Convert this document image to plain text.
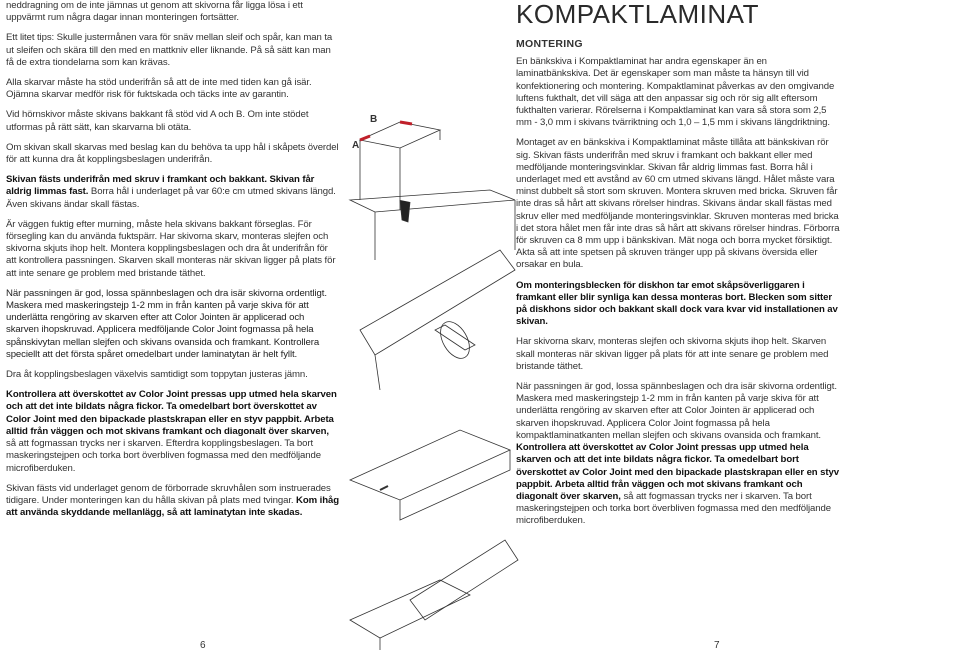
neddragning om de inte jämnas ut genom att skivorna får ligga lösa i ett uppvärmt rum några dagar innan monteringen fortsätter.

Ett litet tips: Skulle justermånen vara för snäv mellan sleif och spår, kan man ta ut sleifen och skära till den med en mattkniv eller liknande. På så sätt kan man få de extra tiondelarna som kan krävas.

Alla skarvar måste ha stöd underifrån så att de inte med tiden kan gå isär. Ojämna skarvar medför risk för fuktskada och täcks inte av garantin.

Vid hörnskivor måste skivans bakkant få stöd vid A och B. Om inte stödet utformas på rätt sätt, kan skarvarna bli otäta.

Om skivan skall skarvas med beslag kan du behöva ta upp hål i skåpets överdel för att kunna dra åt kopplingsbeslagen underifrån.

Skivan fästs underifrån med skruv i framkant och bakkant. Skivan får aldrig limmas fast. Borra hål i underlaget på var 60:e cm utmed skivans längd. Även skivans ändar skall fästas.

Är väggen fuktig efter murning, måste hela skivans bakkant förseglas. För försegling kan du använda fuktspärr. Har skivorna skarv, monteras slejfen och skivorna skjuts ihop helt. Montera kopplingsbeslagen och dra åt underifrån för att kontrollera passningen. Skarven skall monteras när skivan ligger på plats för att inte senare ge problem med bristande täthet.

När passningen är god, lossa spännbeslagen och dra isär skivorna ordentligt. Maskera med maskeringstejp 1-2 mm in från kanten på varje skiva för att underlätta rengöring av skarven efter att Color Jointen är applicerad och skarven ihopskruvad. Applicera medföljande Color Joint fogmassa på hela spånskivytan mellan slejfen och skivans ovansida och framkant. Kontrollera speciellt att det första spåret omedelbart under laminatytan är helt fyllt.

Dra åt kopplingsbeslagen växelvis samtidigt som toppytan justeras jämn.

Kontrollera att överskottet av Color Joint pressas upp utmed hela skarven och att det inte bildats några fickor. Ta omedelbart bort överskottet av Color Joint med den bipackade plastskrapan eller en styv pappbit. Arbeta alltid från väggen och mot skivans framkant och diagonalt över skarven, så att fogmassan trycks ner i skarven. Efterdra kopplingsbeslagen. Ta bort maskeringstejpen och torka bort överbliven fogmassa med den medföljande microfiberduken.

Skivan fästs vid underlaget genom de förborrade skruvhålen som instruerades tidigare. Under monteringen kan du hålla skivan på plats med tvingar. Kom ihåg att använda skyddande mellanlägg, så att laminatytan inte skadas.

A
B
KOMPAKTLAMINAT
MONTERING

En bänkskiva i Kompaktlaminat har andra egenskaper än en laminatbänkskiva. Det är egenskaper som man måste ta hänsyn till vid konfektionering och montering. Kompaktlaminat påverkas av den omgivande luftens fukthalt, det vill säga att den anpassar sig och rör sig allt eftersom fukthalten varierar. Rörelserna i Kompaktlaminat kan vara så stora som 2,5 mm - 3,0 mm i skivans tvärriktning och 1,0 – 1,5 mm i skivans längdriktning.

Montaget av en bänkskiva i Kompaktlaminat måste tillåta att bänkskivan rör sig. Skivan fästs underifrån med skruv i framkant och bakkant eller med medföljande monteringsvinklar. Skivan får aldrig limmas fast. Borra hål i underlaget med ett avstånd av 60 cm utmed skivans längd. Hålet måste vara minst dubbelt så stort som skruven. Montera skruven med bricka. Skruven får inte dras så hårt att skivans rörelser hindras. Skivans ändar skall fästas med skruv eller med medföljande monteringsvinklar. Skruven monteras med bricka i det stora hålet men får inte dras så hårt att skivans rörelser hindras. Förborra för skruven ca 8 mm upp i bänkskivan. Mät noga och borra mycket försiktigt. Akta så att inte spetsen på skruven tränger upp på skivans översida eller orsakar en bula.

Om monteringsblecken för diskhon tar emot skåpsöverliggaren i framkant eller blir synliga kan dessa monteras bort. Blecken som sitter på diskhons sidor och bakkant skall dock vara kvar vid installationen av skivan.

Har skivorna skarv, monteras slejfen och skivorna skjuts ihop helt. Skarven skall monteras när skivan ligger på plats för att inte senare ge problem med bristande täthet.

När passningen är god, lossa spännbeslagen och dra isär skivorna ordentligt. Maskera med maskeringstejp 1-2 mm in från kanten på varje skiva för att underlätta rengöring av skarven efter att Color Jointen är applicerad och skarven ihopskruvad. Applicera Color Joint fogmassa på hela kompaktlaminatkanten mellan slejfen och skivans ovansida och framkant. Kontrollera att överskottet av Color Joint pressas upp utmed hela skarven och att det inte bildats några fickor. Ta omedelbart bort överskottet av Color Joint med den bipackade plastskrapan eller en styv pappbit. Arbeta alltid från väggen och mot skivans framkant och diagonalt över skarven, så att fogmassan trycks ner i skarven. Ta bort maskeringstejpen och torka bort överbliven fogmassa med den medföljande microfiberduken.

6	7
